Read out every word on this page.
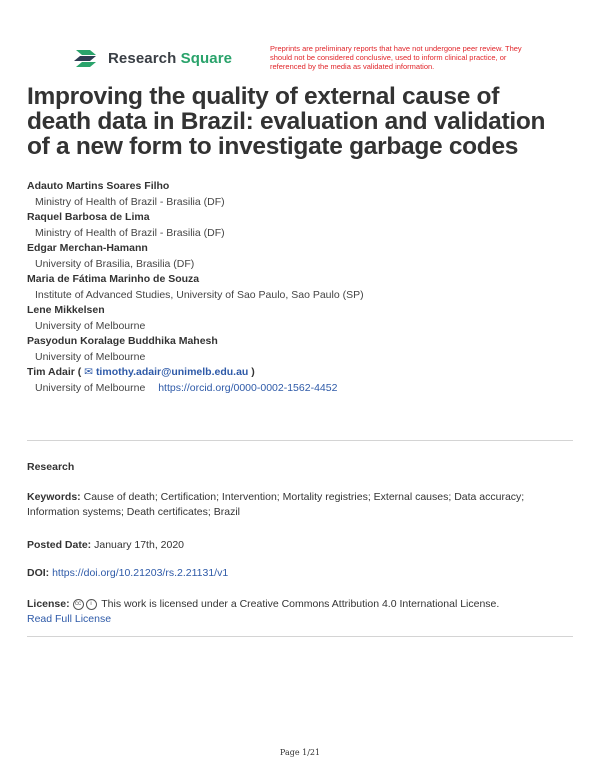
Research Square
Preprints are preliminary reports that have not undergone peer review. They should not be considered conclusive, used to inform clinical practice, or referenced by the media as validated information.
Improving the quality of external cause of death data in Brazil: evaluation and validation of a new form to investigate garbage codes
Adauto Martins Soares Filho
Ministry of Health of Brazil - Brasilia (DF)
Raquel Barbosa de Lima
Ministry of Health of Brazil - Brasilia (DF)
Edgar Merchan-Hamann
University of Brasilia, Brasilia (DF)
Maria de Fátima Marinho de Souza
Institute of Advanced Studies, University of Sao Paulo, Sao Paulo (SP)
Lene Mikkelsen
University of Melbourne
Pasyodun Koralage Buddhika Mahesh
University of Melbourne
Tim Adair ( ✉ timothy.adair@unimelb.edu.au )
University of Melbourne https://orcid.org/0000-0002-1562-4452
Research
Keywords: Cause of death; Certification; Intervention; Mortality registries; External causes; Data accuracy; Information systems; Death certificates; Brazil
Posted Date: January 17th, 2020
DOI: https://doi.org/10.21203/rs.2.21131/v1
License: cc i This work is licensed under a Creative Commons Attribution 4.0 International License.
Read Full License
Page 1/21
